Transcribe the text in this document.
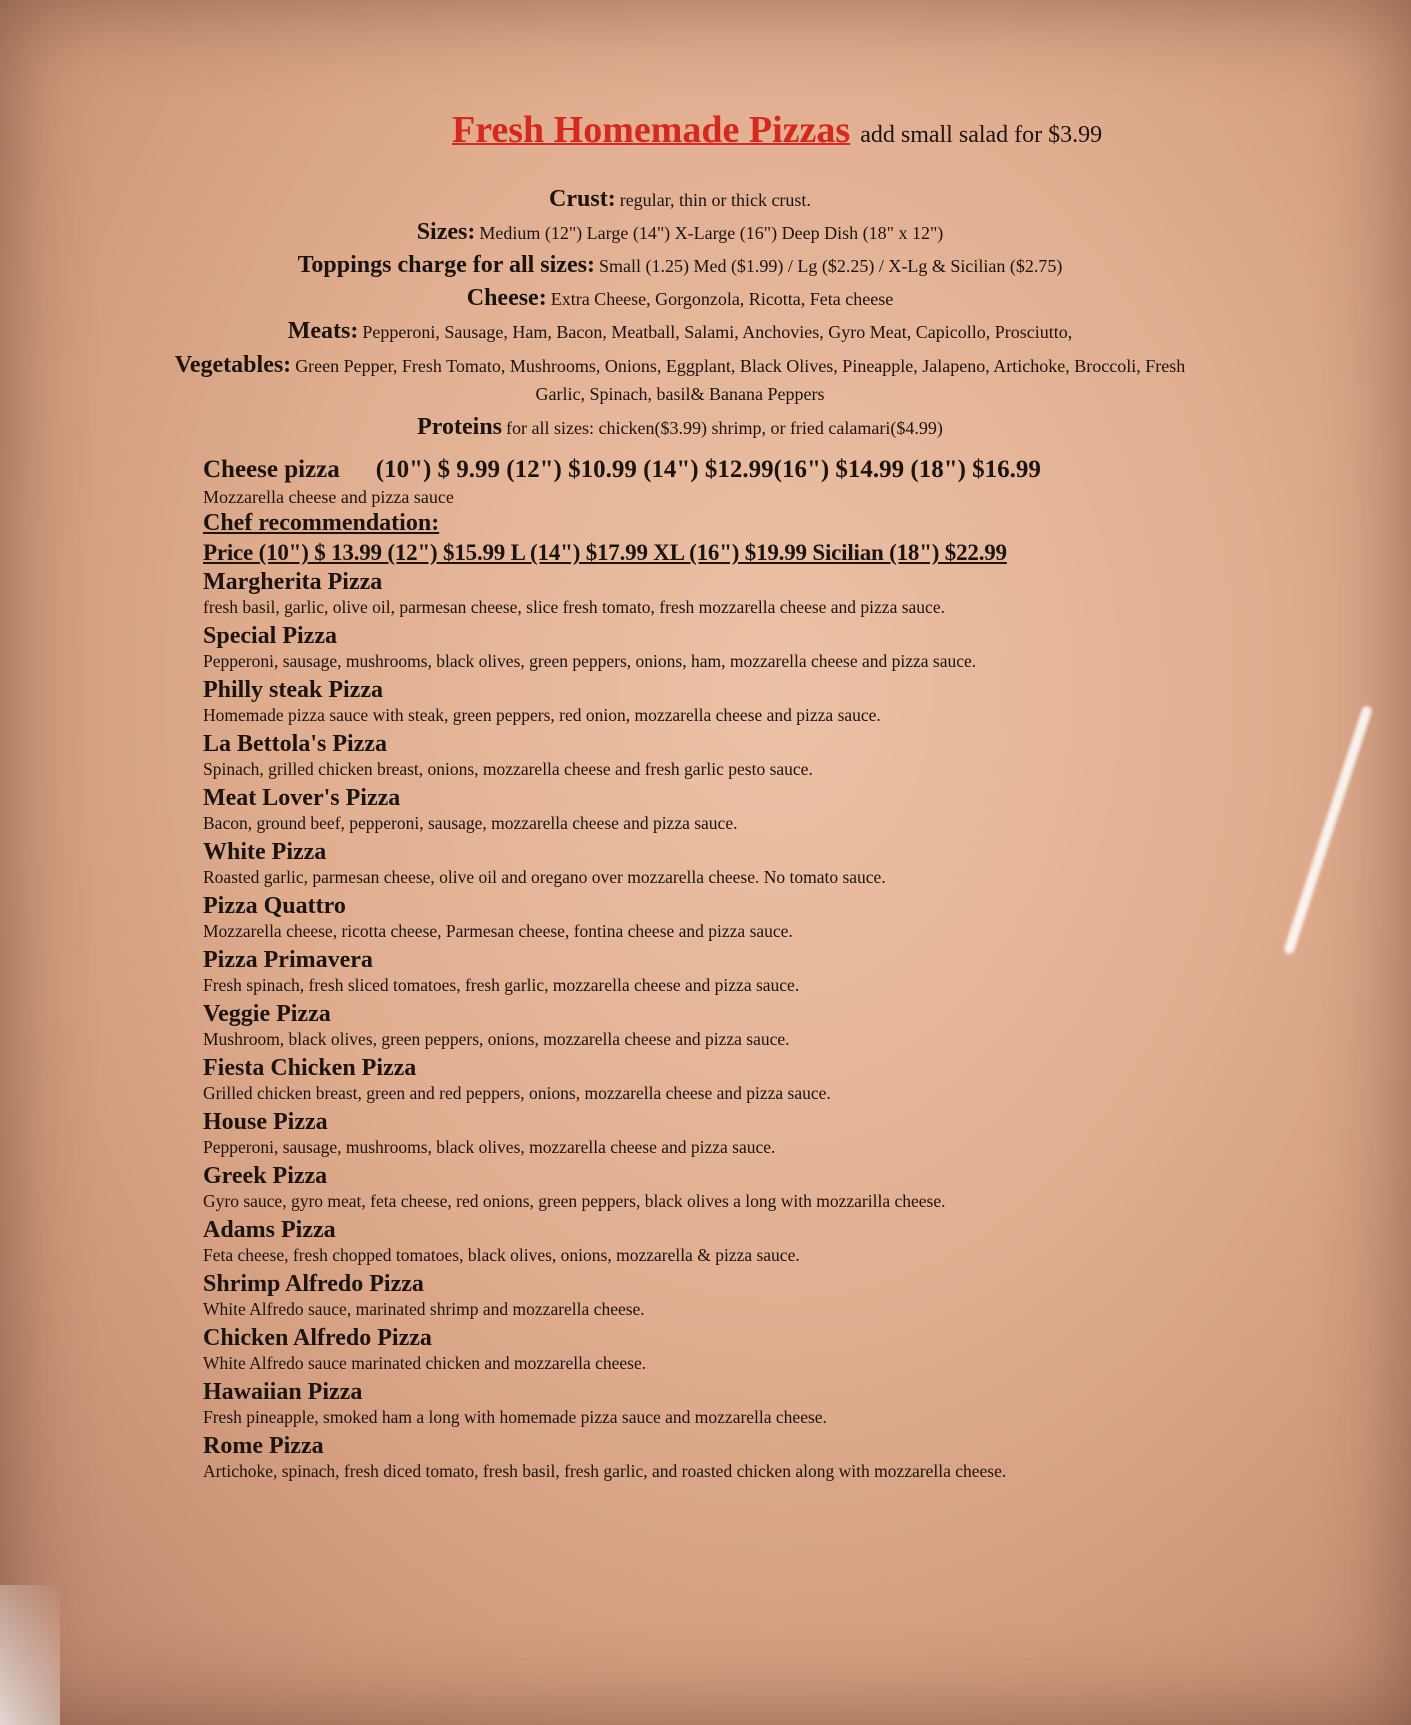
Fresh Homemade Pizzas add small salad for $3.99
Crust: regular, thin or thick crust.
Sizes: Medium (12") Large (14") X-Large (16") Deep Dish (18" x 12")
Toppings charge for all sizes: Small (1.25) Med ($1.99) / Lg ($2.25) / X-Lg & Sicilian ($2.75)
Cheese: Extra Cheese, Gorgonzola, Ricotta, Feta cheese
Meats: Pepperoni, Sausage, Ham, Bacon, Meatball, Salami, Anchovies, Gyro Meat, Capicollo, Prosciutto,
Vegetables: Green Pepper, Fresh Tomato, Mushrooms, Onions, Eggplant, Black Olives, Pineapple, Jalapeno, Artichoke, Broccoli, Fresh Garlic, Spinach, basil& Banana Peppers
Proteins for all sizes: chicken($3.99) shrimp, or fried calamari($4.99)
Cheese pizza (10") $ 9.99 (12") $10.99 (14") $12.99(16") $14.99 (18") $16.99
Mozzarella cheese and pizza sauce
Chef recommendation:
Price (10") $ 13.99 (12") $15.99 L (14") $17.99 XL (16") $19.99 Sicilian (18") $22.99
Margherita Pizza
fresh basil, garlic, olive oil, parmesan cheese, slice fresh tomato, fresh mozzarella cheese and pizza sauce.
Special Pizza
Pepperoni, sausage, mushrooms, black olives, green peppers, onions, ham, mozzarella cheese and pizza sauce.
Philly steak Pizza
Homemade pizza sauce with steak, green peppers, red onion, mozzarella cheese and pizza sauce.
La Bettola's Pizza
Spinach, grilled chicken breast, onions, mozzarella cheese and fresh garlic pesto sauce.
Meat Lover's Pizza
Bacon, ground beef, pepperoni, sausage, mozzarella cheese and pizza sauce.
White Pizza
Roasted garlic, parmesan cheese, olive oil and oregano over mozzarella cheese. No tomato sauce.
Pizza Quattro
Mozzarella cheese, ricotta cheese, Parmesan cheese, fontina cheese and pizza sauce.
Pizza Primavera
Fresh spinach, fresh sliced tomatoes, fresh garlic, mozzarella cheese and pizza sauce.
Veggie Pizza
Mushroom, black olives, green peppers, onions, mozzarella cheese and pizza sauce.
Fiesta Chicken Pizza
Grilled chicken breast, green and red peppers, onions, mozzarella cheese and pizza sauce.
House Pizza
Pepperoni, sausage, mushrooms, black olives, mozzarella cheese and pizza sauce.
Greek Pizza
Gyro sauce, gyro meat, feta cheese, red onions, green peppers, black olives a long with mozzarilla cheese.
Adams Pizza
Feta cheese, fresh chopped tomatoes, black olives, onions, mozzarella & pizza sauce.
Shrimp Alfredo Pizza
White Alfredo sauce, marinated shrimp and mozzarella cheese.
Chicken Alfredo Pizza
White Alfredo sauce marinated chicken and mozzarella cheese.
Hawaiian Pizza
Fresh pineapple, smoked ham a long with homemade pizza sauce and mozzarella cheese.
Rome Pizza
Artichoke, spinach, fresh diced tomato, fresh basil, fresh garlic, and roasted chicken along with mozzarella cheese.
